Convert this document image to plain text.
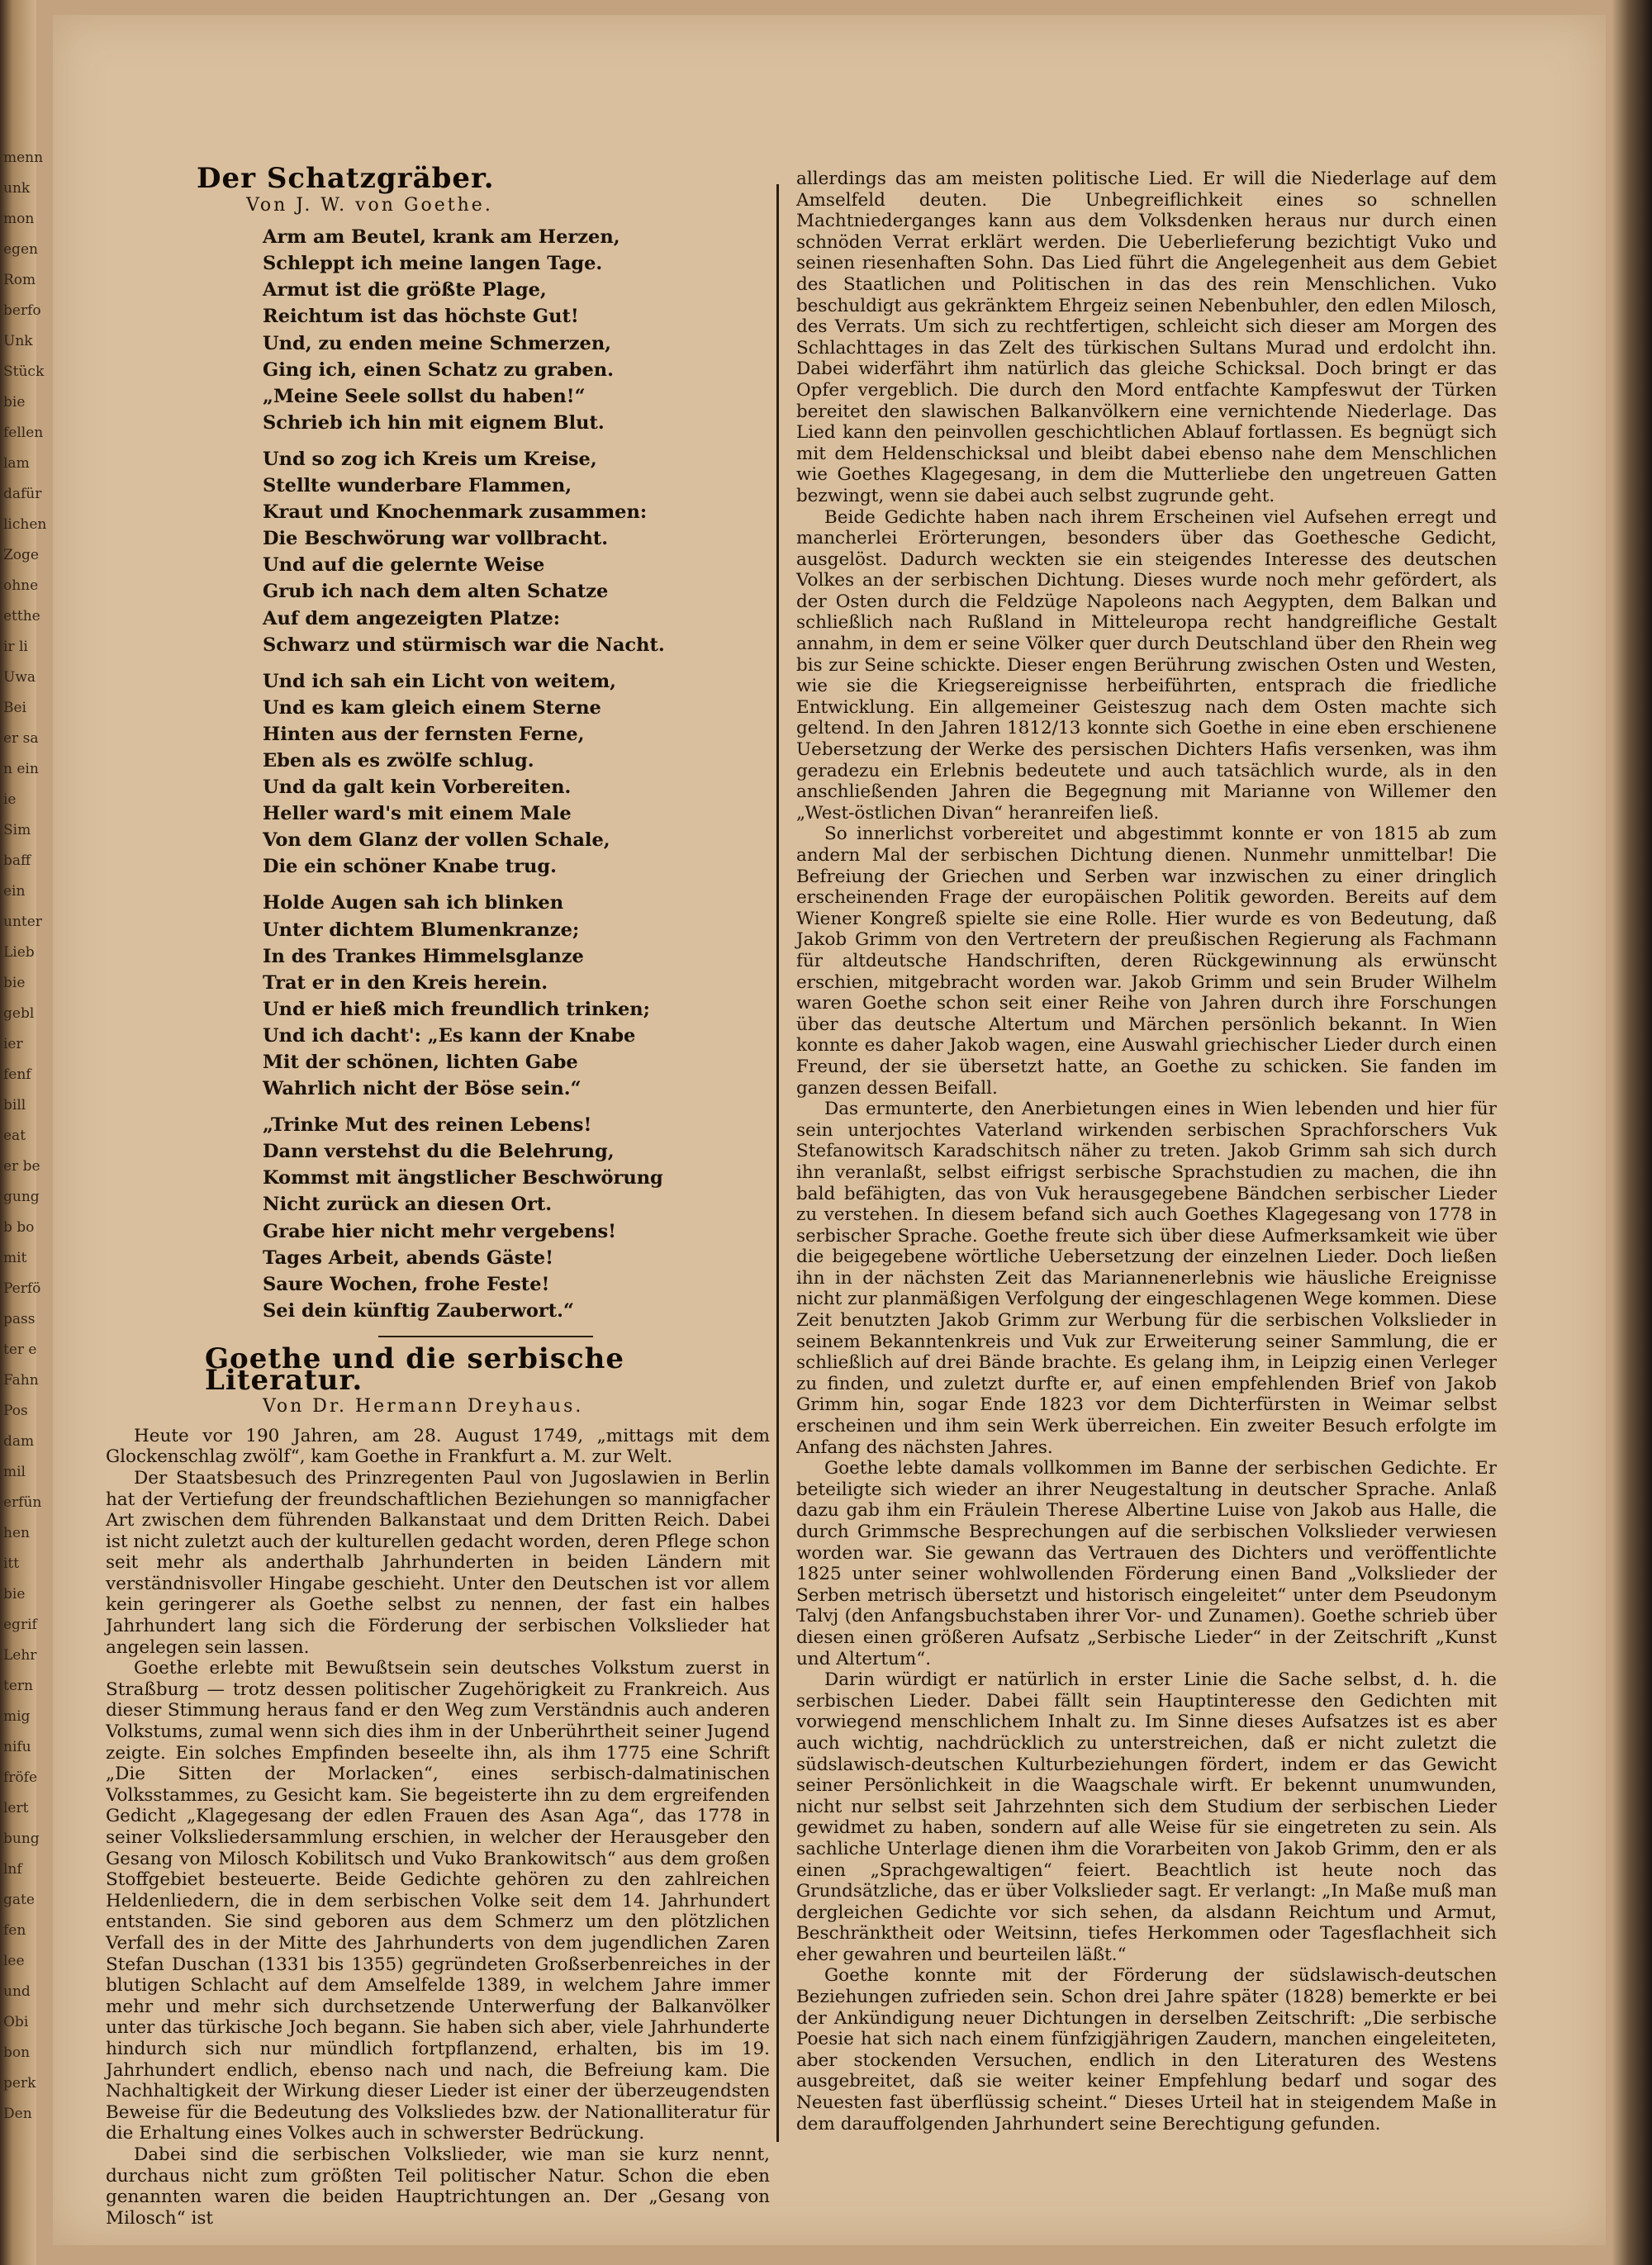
menn
unk
mon
egen
Rom
berfo
Unk
Stück
bie
fellen
lam
dafür
lichen
Zoge
ohne
etthe
ir li
Uwa
Bei
er sa
n ein
ie
Sim
baff
ein
unter
Lieb
bie
gebl
ier
fenf
bill
eat
er be
gung
b bo
mit
Perfö
pass
ter e
Fahn
Pos
dam
mil
erfün
hen
itt
bie
egrif
Lehr
tern
mig
nifu
fröfe
lert
bung
lnf
gate
fen
lee
und
Obi
bon
perk
Den
Der Schatzgräber.
Von J. W. von Goethe.
Arm am Beutel, krank am Herzen,
Schleppt ich meine langen Tage.
Armut ist die größte Plage,
Reichtum ist das höchste Gut!
Und, zu enden meine Schmerzen,
Ging ich, einen Schatz zu graben.
„Meine Seele sollst du haben!“
Schrieb ich hin mit eignem Blut.
Und so zog ich Kreis um Kreise,
Stellte wunderbare Flammen,
Kraut und Knochenmark zusammen:
Die Beschwörung war vollbracht.
Und auf die gelernte Weise
Grub ich nach dem alten Schatze
Auf dem angezeigten Platze:
Schwarz und stürmisch war die Nacht.
Und ich sah ein Licht von weitem,
Und es kam gleich einem Sterne
Hinten aus der fernsten Ferne,
Eben als es zwölfe schlug.
Und da galt kein Vorbereiten.
Heller ward's mit einem Male
Von dem Glanz der vollen Schale,
Die ein schöner Knabe trug.
Holde Augen sah ich blinken
Unter dichtem Blumenkranze;
In des Trankes Himmelsglanze
Trat er in den Kreis herein.
Und er hieß mich freundlich trinken;
Und ich dacht': „Es kann der Knabe
Mit der schönen, lichten Gabe
Wahrlich nicht der Böse sein.“
„Trinke Mut des reinen Lebens!
Dann verstehst du die Belehrung,
Kommst mit ängstlicher Beschwörung
Nicht zurück an diesen Ort.
Grabe hier nicht mehr vergebens!
Tages Arbeit, abends Gäste!
Saure Wochen, frohe Feste!
Sei dein künftig Zauberwort.“
Goethe und die serbische Literatur.
Von Dr. Hermann Dreyhaus.

Heute vor 190 Jahren, am 28. August 1749, „mittags mit dem Glockenschlag zwölf“, kam Goethe in Frankfurt a. M. zur Welt.

Der Staatsbesuch des Prinzregenten Paul von Jugoslawien in Berlin hat der Vertiefung der freundschaftlichen Beziehungen so mannigfacher Art zwischen dem führenden Balkanstaat und dem Dritten Reich. Dabei ist nicht zuletzt auch der kulturellen gedacht worden, deren Pflege schon seit mehr als anderthalb Jahrhunderten in beiden Ländern mit verständnisvoller Hingabe geschieht. Unter den Deutschen ist vor allem kein geringerer als Goethe selbst zu nennen, der fast ein halbes Jahrhundert lang sich die Förderung der serbischen Volkslieder hat angelegen sein lassen.

Goethe erlebte mit Bewußtsein sein deutsches Volkstum zuerst in Straßburg — trotz dessen politischer Zugehörigkeit zu Frankreich. Aus dieser Stimmung heraus fand er den Weg zum Verständnis auch anderen Volkstums, zumal wenn sich dies ihm in der Unberührtheit seiner Jugend zeigte. Ein solches Empfinden beseelte ihn, als ihm 1775 eine Schrift „Die Sitten der Morlacken“, eines serbisch-dalmatinischen Volksstammes, zu Gesicht kam. Sie begeisterte ihn zu dem ergreifenden Gedicht „Klagegesang der edlen Frauen des Asan Aga“, das 1778 in seiner Volksliedersammlung erschien, in welcher der Herausgeber den Gesang von Milosch Kobilitsch und Vuko Brankowitsch“ aus dem großen Stoffgebiet besteuerte. Beide Gedichte gehören zu den zahlreichen Heldenliedern, die in dem serbischen Volke seit dem 14. Jahrhundert entstanden. Sie sind geboren aus dem Schmerz um den plötzlichen Verfall des in der Mitte des Jahrhunderts von dem jugendlichen Zaren Stefan Duschan (1331 bis 1355) gegründeten Großserbenreiches in der blutigen Schlacht auf dem Amselfelde 1389, in welchem Jahre immer mehr und mehr sich durchsetzende Unterwerfung der Balkanvölker unter das türkische Joch begann. Sie haben sich aber, viele Jahrhunderte hindurch sich nur mündlich fortpflanzend, erhalten, bis im 19. Jahrhundert endlich, ebenso nach und nach, die Befreiung kam. Die Nachhaltigkeit der Wirkung dieser Lieder ist einer der überzeugendsten Beweise für die Bedeutung des Volksliedes bzw. der Nationalliteratur für die Erhaltung eines Volkes auch in schwerster Bedrückung.

Dabei sind die serbischen Volkslieder, wie man sie kurz nennt, durchaus nicht zum größten Teil politischer Natur. Schon die eben genannten waren die beiden Hauptrichtungen an. Der „Gesang von Milosch“ ist

allerdings das am meisten politische Lied. Er will die Niederlage auf dem Amselfeld deuten. Die Unbegreiflichkeit eines so schnellen Machtniederganges kann aus dem Volksdenken heraus nur durch einen schnöden Verrat erklärt werden. Die Ueberlieferung bezichtigt Vuko und seinen riesenhaften Sohn. Das Lied führt die Angelegenheit aus dem Gebiet des Staatlichen und Politischen in das des rein Menschlichen. Vuko beschuldigt aus gekränktem Ehrgeiz seinen Nebenbuhler, den edlen Milosch, des Verrats. Um sich zu rechtfertigen, schleicht sich dieser am Morgen des Schlachttages in das Zelt des türkischen Sultans Murad und erdolcht ihn. Dabei widerfährt ihm natürlich das gleiche Schicksal. Doch bringt er das Opfer vergeblich. Die durch den Mord entfachte Kampfeswut der Türken bereitet den slawischen Balkanvölkern eine vernichtende Niederlage. Das Lied kann den peinvollen geschichtlichen Ablauf fortlassen. Es begnügt sich mit dem Heldenschicksal und bleibt dabei ebenso nahe dem Menschlichen wie Goethes Klagegesang, in dem die Mutterliebe den ungetreuen Gatten bezwingt, wenn sie dabei auch selbst zugrunde geht.

Beide Gedichte haben nach ihrem Erscheinen viel Aufsehen erregt und mancherlei Erörterungen, besonders über das Goethesche Gedicht, ausgelöst. Dadurch weckten sie ein steigendes Interesse des deutschen Volkes an der serbischen Dichtung. Dieses wurde noch mehr gefördert, als der Osten durch die Feldzüge Napoleons nach Aegypten, dem Balkan und schließlich nach Rußland in Mitteleuropa recht handgreifliche Gestalt annahm, in dem er seine Völker quer durch Deutschland über den Rhein weg bis zur Seine schickte. Dieser engen Berührung zwischen Osten und Westen, wie sie die Kriegsereignisse herbeiführten, entsprach die friedliche Entwicklung. Ein allgemeiner Geisteszug nach dem Osten machte sich geltend. In den Jahren 1812/13 konnte sich Goethe in eine eben erschienene Uebersetzung der Werke des persischen Dichters Hafis versenken, was ihm geradezu ein Erlebnis bedeutete und auch tatsächlich wurde, als in den anschließenden Jahren die Begegnung mit Marianne von Willemer den „West-östlichen Divan“ heranreifen ließ.

So innerlichst vorbereitet und abgestimmt konnte er von 1815 ab zum andern Mal der serbischen Dichtung dienen. Nunmehr unmittelbar! Die Befreiung der Griechen und Serben war inzwischen zu einer dringlich erscheinenden Frage der europäischen Politik geworden. Bereits auf dem Wiener Kongreß spielte sie eine Rolle. Hier wurde es von Bedeutung, daß Jakob Grimm von den Vertretern der preußischen Regierung als Fachmann für altdeutsche Handschriften, deren Rückgewinnung als erwünscht erschien, mitgebracht worden war. Jakob Grimm und sein Bruder Wilhelm waren Goethe schon seit einer Reihe von Jahren durch ihre Forschungen über das deutsche Altertum und Märchen persönlich bekannt. In Wien konnte es daher Jakob wagen, eine Auswahl griechischer Lieder durch einen Freund, der sie übersetzt hatte, an Goethe zu schicken. Sie fanden im ganzen dessen Beifall.

Das ermunterte, den Anerbietungen eines in Wien lebenden und hier für sein unterjochtes Vaterland wirkenden serbischen Sprachforschers Vuk Stefanowitsch Karadschitsch näher zu treten. Jakob Grimm sah sich durch ihn veranlaßt, selbst eifrigst serbische Sprachstudien zu machen, die ihn bald befähigten, das von Vuk herausgegebene Bändchen serbischer Lieder zu verstehen. In diesem befand sich auch Goethes Klagegesang von 1778 in serbischer Sprache. Goethe freute sich über diese Aufmerksamkeit wie über die beigegebene wörtliche Uebersetzung der einzelnen Lieder. Doch ließen ihn in der nächsten Zeit das Mariannenerlebnis wie häusliche Ereignisse nicht zur planmäßigen Verfolgung der eingeschlagenen Wege kommen. Diese Zeit benutzten Jakob Grimm zur Werbung für die serbischen Volkslieder in seinem Bekanntenkreis und Vuk zur Erweiterung seiner Sammlung, die er schließlich auf drei Bände brachte. Es gelang ihm, in Leipzig einen Verleger zu finden, und zuletzt durfte er, auf einen empfehlenden Brief von Jakob Grimm hin, sogar Ende 1823 vor dem Dichterfürsten in Weimar selbst erscheinen und ihm sein Werk überreichen. Ein zweiter Besuch erfolgte im Anfang des nächsten Jahres.

Goethe lebte damals vollkommen im Banne der serbischen Gedichte. Er beteiligte sich wieder an ihrer Neugestaltung in deutscher Sprache. Anlaß dazu gab ihm ein Fräulein Therese Albertine Luise von Jakob aus Halle, die durch Grimmsche Besprechungen auf die serbischen Volkslieder verwiesen worden war. Sie gewann das Vertrauen des Dichters und veröffentlichte 1825 unter seiner wohlwollenden Förderung einen Band „Volkslieder der Serben metrisch übersetzt und historisch eingeleitet“ unter dem Pseudonym Talvj (den Anfangsbuchstaben ihrer Vor- und Zunamen). Goethe schrieb über diesen einen größeren Aufsatz „Serbische Lieder“ in der Zeitschrift „Kunst und Altertum“.

Darin würdigt er natürlich in erster Linie die Sache selbst, d. h. die serbischen Lieder. Dabei fällt sein Hauptinteresse den Gedichten mit vorwiegend menschlichem Inhalt zu. Im Sinne dieses Aufsatzes ist es aber auch wichtig, nachdrücklich zu unterstreichen, daß er nicht zuletzt die südslawisch-deutschen Kulturbeziehungen fördert, indem er das Gewicht seiner Persönlichkeit in die Waagschale wirft. Er bekennt unumwunden, nicht nur selbst seit Jahrzehnten sich dem Studium der serbischen Lieder gewidmet zu haben, sondern auf alle Weise für sie eingetreten zu sein. Als sachliche Unterlage dienen ihm die Vorarbeiten von Jakob Grimm, den er als einen „Sprachgewaltigen“ feiert. Beachtlich ist heute noch das Grundsätzliche, das er über Volkslieder sagt. Er verlangt: „In Maße muß man dergleichen Gedichte vor sich sehen, da alsdann Reichtum und Armut, Beschränktheit oder Weitsinn, tiefes Herkommen oder Tagesflachheit sich eher gewahren und beurteilen läßt.“

Goethe konnte mit der Förderung der südslawisch-deutschen Beziehungen zufrieden sein. Schon drei Jahre später (1828) bemerkte er bei der Ankündigung neuer Dichtungen in derselben Zeitschrift: „Die serbische Poesie hat sich nach einem fünfzigjährigen Zaudern, manchen eingeleiteten, aber stockenden Versuchen, endlich in den Literaturen des Westens ausgebreitet, daß sie weiter keiner Empfehlung bedarf und sogar des Neuesten fast überflüssig scheint.“ Dieses Urteil hat in steigendem Maße in dem darauffolgenden Jahrhundert seine Berechtigung gefunden.
